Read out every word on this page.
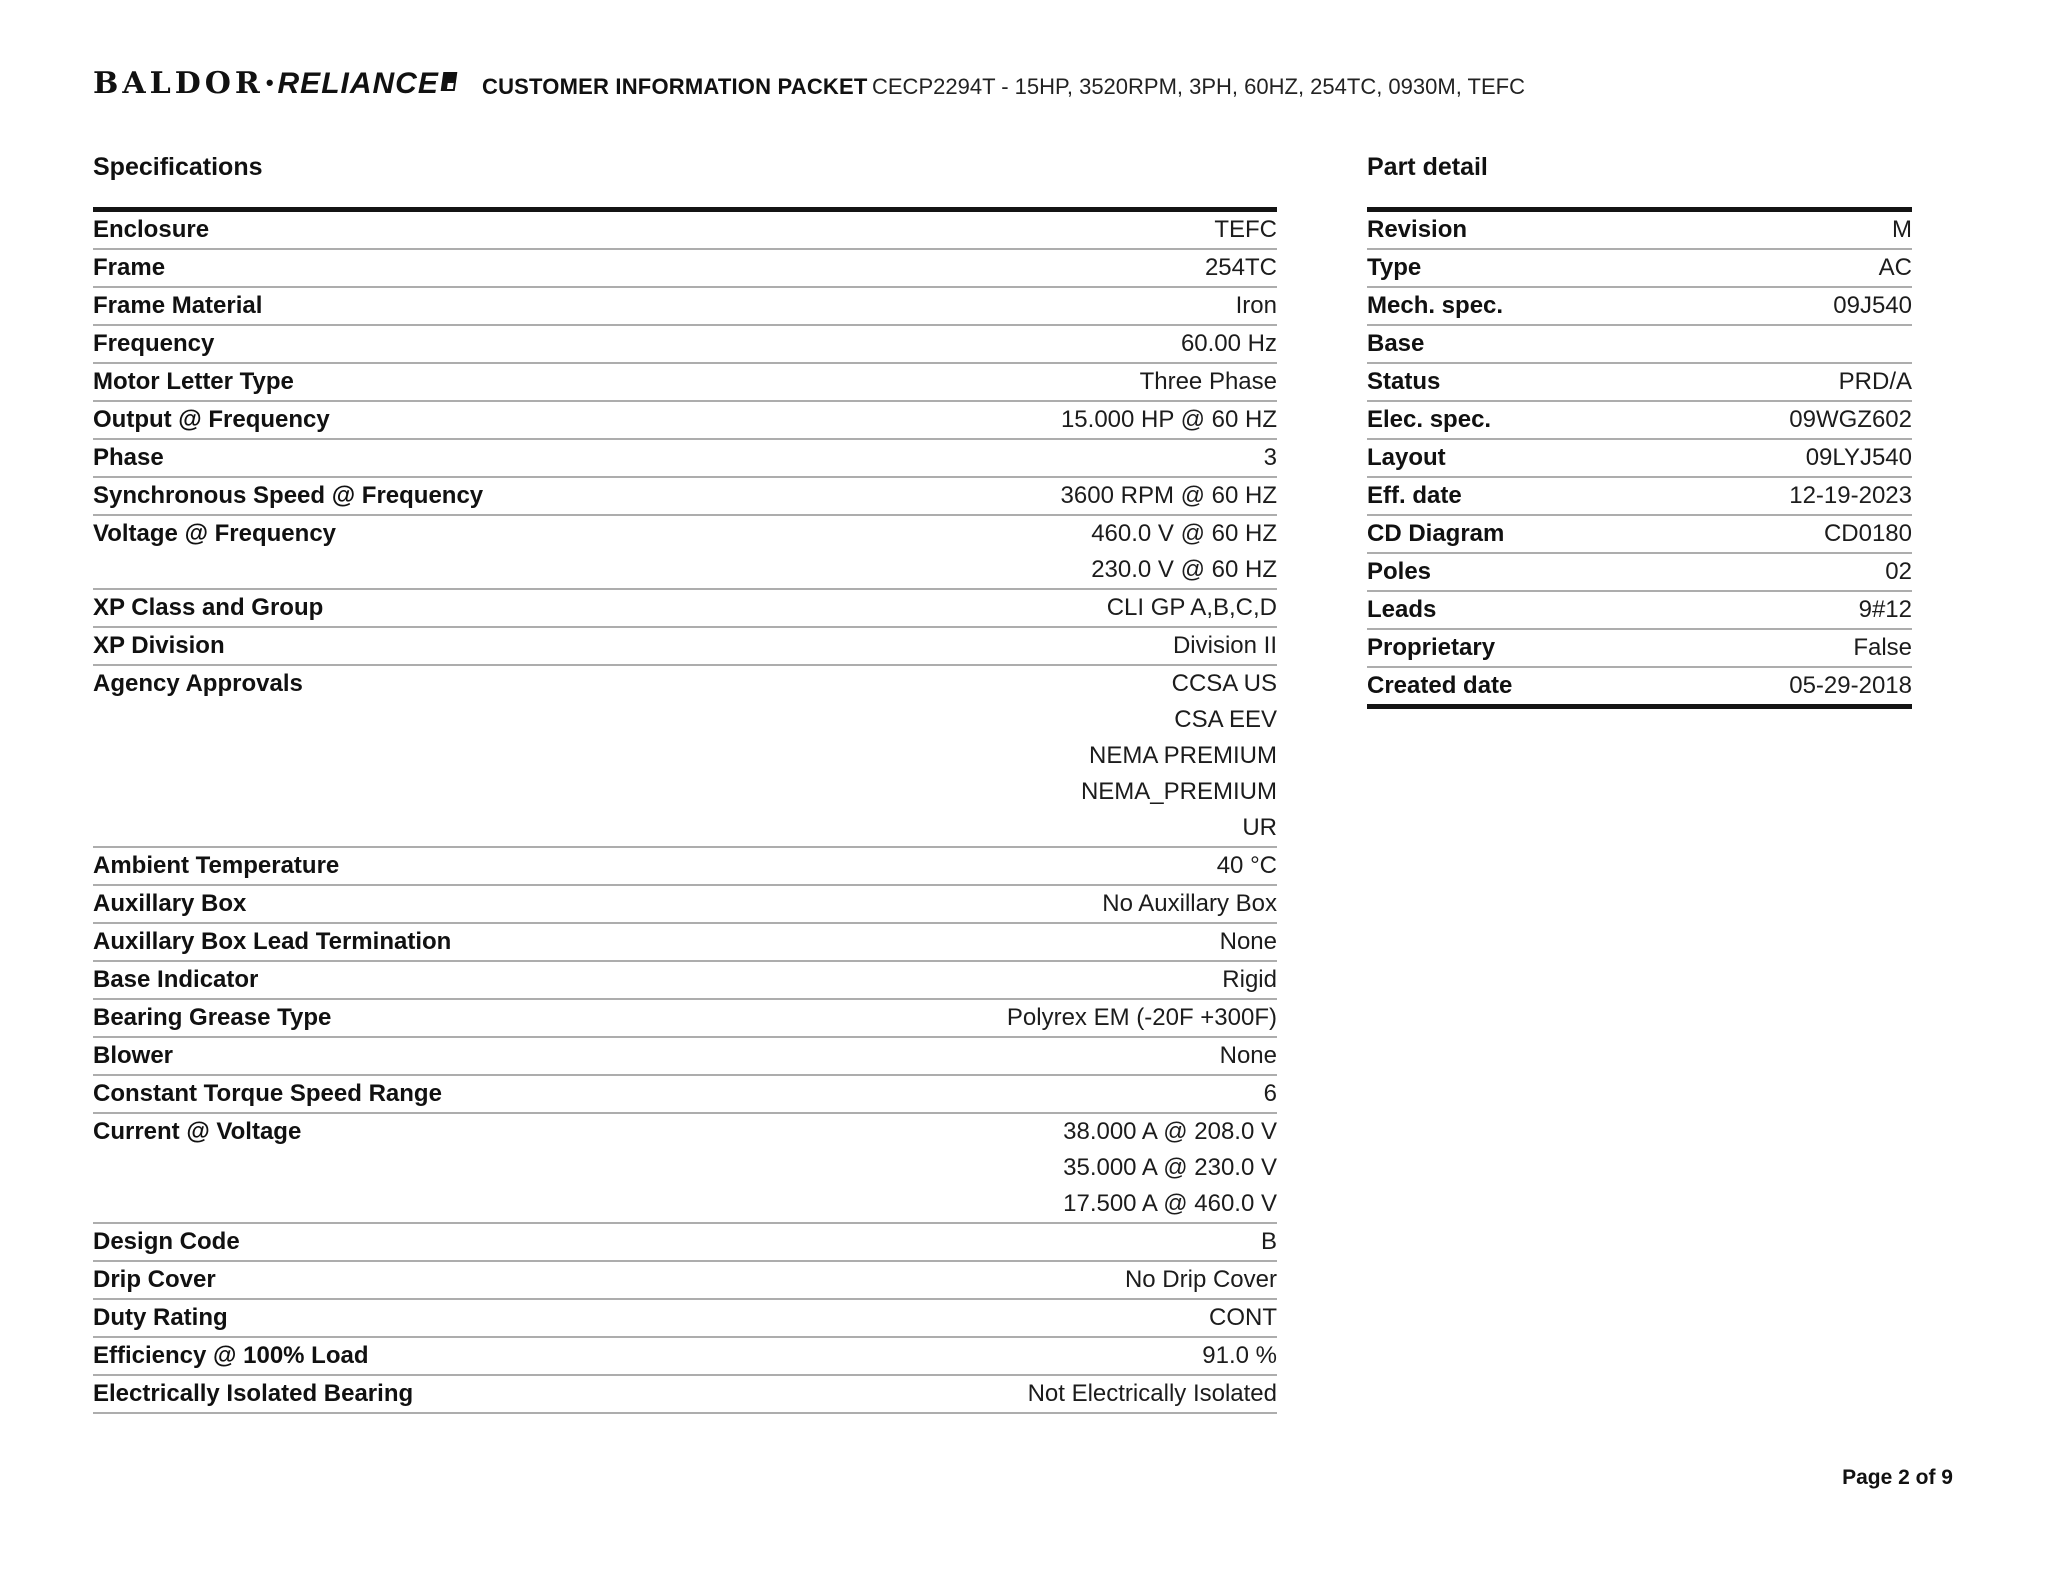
BALDOR• RELIANCE	CUSTOMER INFORMATION PACKET CECP2294T - 15HP, 3520RPM, 3PH, 60HZ, 254TC, 0930M, TEFC
Specifications
Enclosure	TEFC
Frame	254TC
Frame Material	Iron
Frequency	60.00 Hz
Motor Letter Type	Three Phase
Output @ Frequency	15.000 HP @ 60 HZ
Phase	3
Synchronous Speed @ Frequency	3600 RPM @ 60 HZ
Voltage @ Frequency	460.0 V @ 60 HZ
230.0 V @ 60 HZ
XP Class and Group	CLI GP A,B,C,D
XP Division	Division II
Agency Approvals	CCSA US
CSA EEV
NEMA PREMIUM
NEMA_PREMIUM
UR
Ambient Temperature	40 °C
Auxillary Box	No Auxillary Box
Auxillary Box Lead Termination	None
Base Indicator	Rigid
Bearing Grease Type	Polyrex EM (-20F +300F)
Blower	None
Constant Torque Speed Range	6
Current @ Voltage	38.000 A @ 208.0 V
35.000 A @ 230.0 V
17.500 A @ 460.0 V
Design Code	B
Drip Cover	No Drip Cover
Duty Rating	CONT
Efficiency @ 100% Load	91.0 %
Electrically Isolated Bearing	Not Electrically Isolated
Part detail
Revision	M
Type	AC
Mech. spec.	09J540
Base

Status	PRD/A
Elec. spec.	09WGZ602
Layout	09LYJ540
Eff. date	12-19-2023
CD Diagram	CD0180
Poles	02
Leads	9#12
Proprietary	False
Created date	05-29-2018
Page 2 of 9
